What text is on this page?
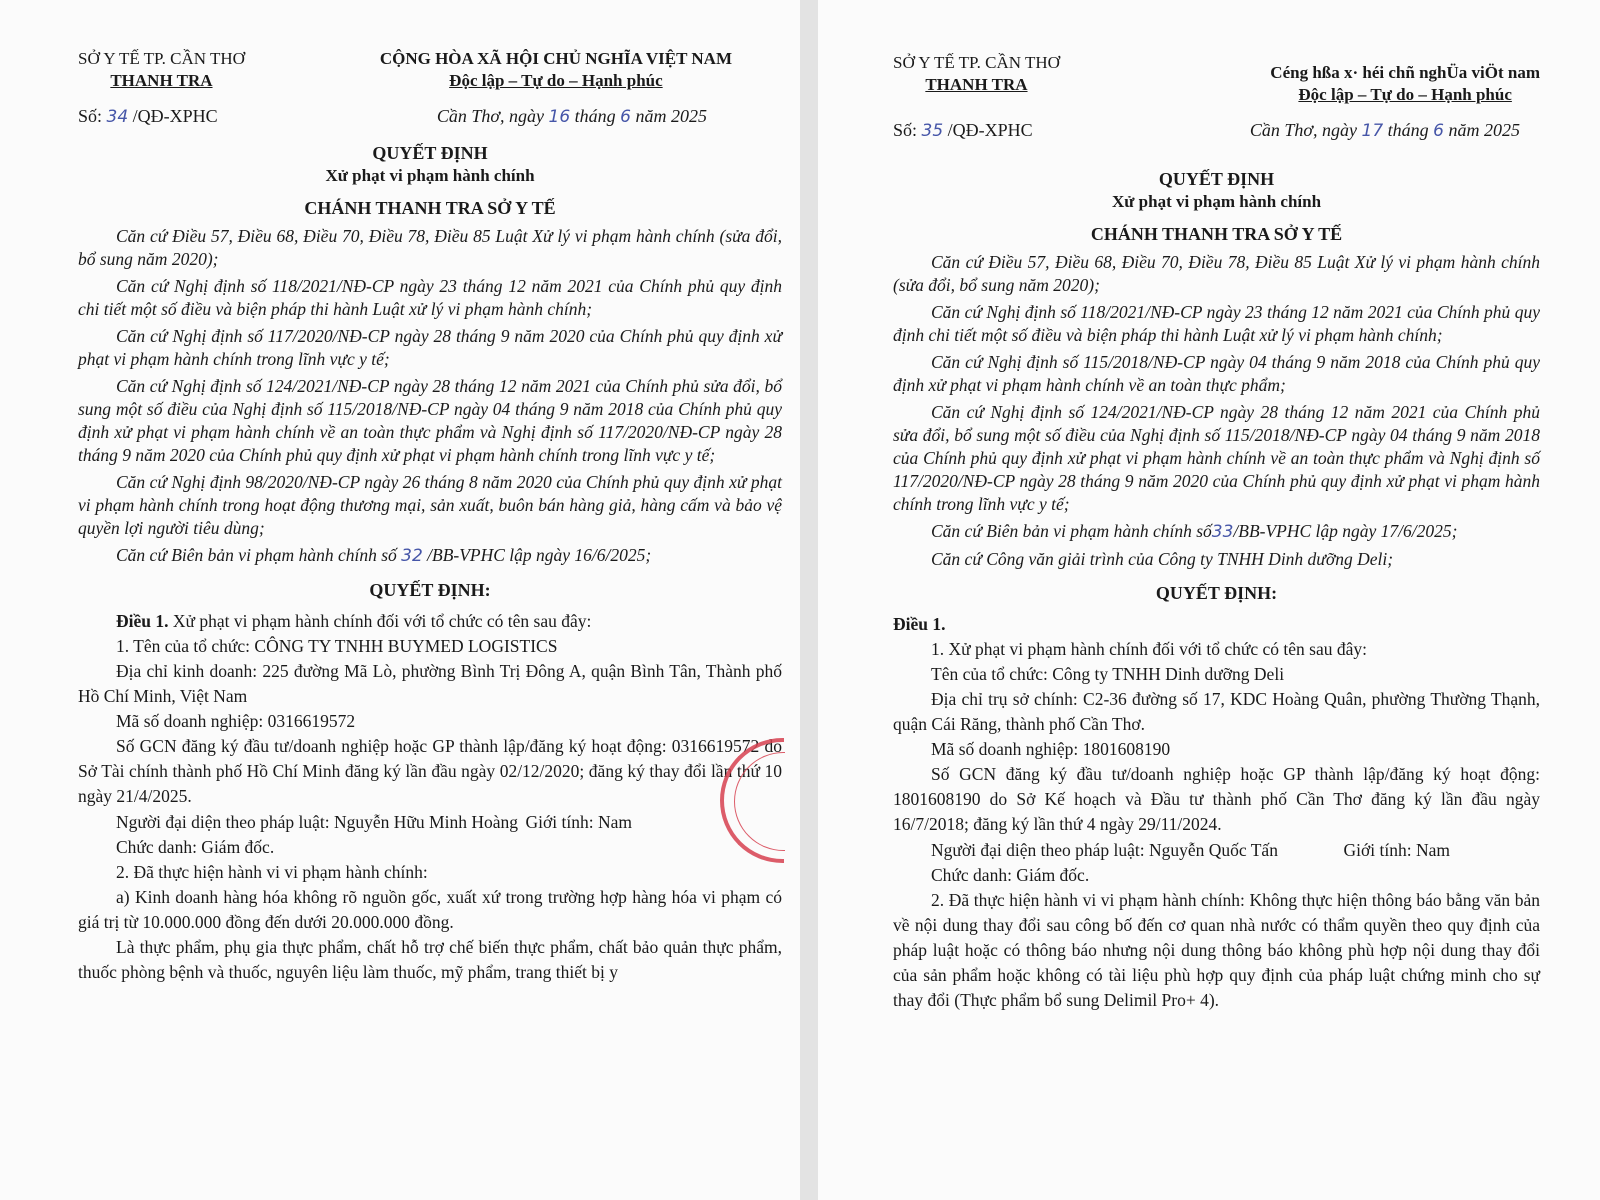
SỞ Y TẾ TP. CẦN THƠ
THANH TRA
CỘNG HÒA XÃ HỘI CHỦ NGHĨA VIỆT NAM
Độc lập – Tự do – Hạnh phúc
Số: 34 /QĐ-XPHC	Cần Thơ, ngày 16 tháng 6 năm 2025
QUYẾT ĐỊNH
Xử phạt vi phạm hành chính
CHÁNH THANH TRA SỞ Y TẾ

Căn cứ Điều 57, Điều 68, Điều 70, Điều 78, Điều 85 Luật Xử lý vi phạm hành chính (sửa đổi, bổ sung năm 2020);

Căn cứ Nghị định số 118/2021/NĐ-CP ngày 23 tháng 12 năm 2021 của Chính phủ quy định chi tiết một số điều và biện pháp thi hành Luật xử lý vi phạm hành chính;

Căn cứ Nghị định số 117/2020/NĐ-CP ngày 28 tháng 9 năm 2020 của Chính phủ quy định xử phạt vi phạm hành chính trong lĩnh vực y tế;

Căn cứ Nghị định số 124/2021/NĐ-CP ngày 28 tháng 12 năm 2021 của Chính phủ sửa đổi, bổ sung một số điều của Nghị định số 115/2018/NĐ-CP ngày 04 tháng 9 năm 2018 của Chính phủ quy định xử phạt vi phạm hành chính về an toàn thực phẩm và Nghị định số 117/2020/NĐ-CP ngày 28 tháng 9 năm 2020 của Chính phủ quy định xử phạt vi phạm hành chính trong lĩnh vực y tế;

Căn cứ Nghị định 98/2020/NĐ-CP ngày 26 tháng 8 năm 2020 của Chính phủ quy định xử phạt vi phạm hành chính trong hoạt động thương mại, sản xuất, buôn bán hàng giả, hàng cấm và bảo vệ quyền lợi người tiêu dùng;

Căn cứ Biên bản vi phạm hành chính số 32 /BB-VPHC lập ngày 16/6/2025;

QUYẾT ĐỊNH:

Điều 1. Xử phạt vi phạm hành chính đối với tổ chức có tên sau đây:

1. Tên của tổ chức: CÔNG TY TNHH BUYMED LOGISTICS

Địa chỉ kinh doanh: 225 đường Mã Lò, phường Bình Trị Đông A, quận Bình Tân, Thành phố Hồ Chí Minh, Việt Nam

Mã số doanh nghiệp: 0316619572

Số GCN đăng ký đầu tư/doanh nghiệp hoặc GP thành lập/đăng ký hoạt động: 0316619572 do Sở Tài chính thành phố Hồ Chí Minh đăng ký lần đầu ngày 02/12/2020; đăng ký thay đổi lần thứ 10 ngày 21/4/2025.

Người đại diện theo pháp luật: Nguyễn Hữu Minh Hoàng Giới tính: Nam

Chức danh: Giám đốc.

2. Đã thực hiện hành vi vi phạm hành chính:

a) Kinh doanh hàng hóa không rõ nguồn gốc, xuất xứ trong trường hợp hàng hóa vi phạm có giá trị từ 10.000.000 đồng đến dưới 20.000.000 đồng.

Là thực phẩm, phụ gia thực phẩm, chất hỗ trợ chế biến thực phẩm, chất bảo quản thực phẩm, thuốc phòng bệnh và thuốc, nguyên liệu làm thuốc, mỹ phẩm, trang thiết bị y

SỞ Y TẾ TP. CẦN THƠ
THANH TRA
Céng hßa x· héi chñ nghÜa viÖt nam
Độc lập – Tự do – Hạnh phúc
Số: 35 /QĐ-XPHC	Cần Thơ, ngày 17 tháng 6 năm 2025
QUYẾT ĐỊNH
Xử phạt vi phạm hành chính
CHÁNH THANH TRA SỞ Y TẾ

Căn cứ Điều 57, Điều 68, Điều 70, Điều 78, Điều 85 Luật Xử lý vi phạm hành chính (sửa đổi, bổ sung năm 2020);

Căn cứ Nghị định số 118/2021/NĐ-CP ngày 23 tháng 12 năm 2021 của Chính phủ quy định chi tiết một số điều và biện pháp thi hành Luật xử lý vi phạm hành chính;

Căn cứ Nghị định số 115/2018/NĐ-CP ngày 04 tháng 9 năm 2018 của Chính phủ quy định xử phạt vi phạm hành chính về an toàn thực phẩm;

Căn cứ Nghị định số 124/2021/NĐ-CP ngày 28 tháng 12 năm 2021 của Chính phủ sửa đổi, bổ sung một số điều của Nghị định số 115/2018/NĐ-CP ngày 04 tháng 9 năm 2018 của Chính phủ quy định xử phạt vi phạm hành chính về an toàn thực phẩm và Nghị định số 117/2020/NĐ-CP ngày 28 tháng 9 năm 2020 của Chính phủ quy định xử phạt vi phạm hành chính trong lĩnh vực y tế;

Căn cứ Biên bản vi phạm hành chính số33/BB-VPHC lập ngày 17/6/2025;

Căn cứ Công văn giải trình của Công ty TNHH Dinh dưỡng Deli;

QUYẾT ĐỊNH:

Điều 1.

1. Xử phạt vi phạm hành chính đối với tổ chức có tên sau đây:

Tên của tổ chức: Công ty TNHH Dinh dưỡng Deli

Địa chỉ trụ sở chính: C2-36 đường số 17, KDC Hoàng Quân, phường Thường Thạnh, quận Cái Răng, thành phố Cần Thơ.

Mã số doanh nghiệp: 1801608190

Số GCN đăng ký đầu tư/doanh nghiệp hoặc GP thành lập/đăng ký hoạt động: 1801608190 do Sở Kế hoạch và Đầu tư thành phố Cần Thơ đăng ký lần đầu ngày 16/7/2018; đăng ký lần thứ 4 ngày 29/11/2024.

Người đại diện theo pháp luật: Nguyễn Quốc Tấn	Giới tính: Nam

Chức danh: Giám đốc.

2. Đã thực hiện hành vi vi phạm hành chính: Không thực hiện thông báo bằng văn bản về nội dung thay đổi sau công bố đến cơ quan nhà nước có thẩm quyền theo quy định của pháp luật hoặc có thông báo nhưng nội dung thông báo không phù hợp nội dung thay đổi của sản phẩm hoặc không có tài liệu phù hợp quy định của pháp luật chứng minh cho sự thay đổi (Thực phẩm bổ sung Delimil Pro+ 4).
